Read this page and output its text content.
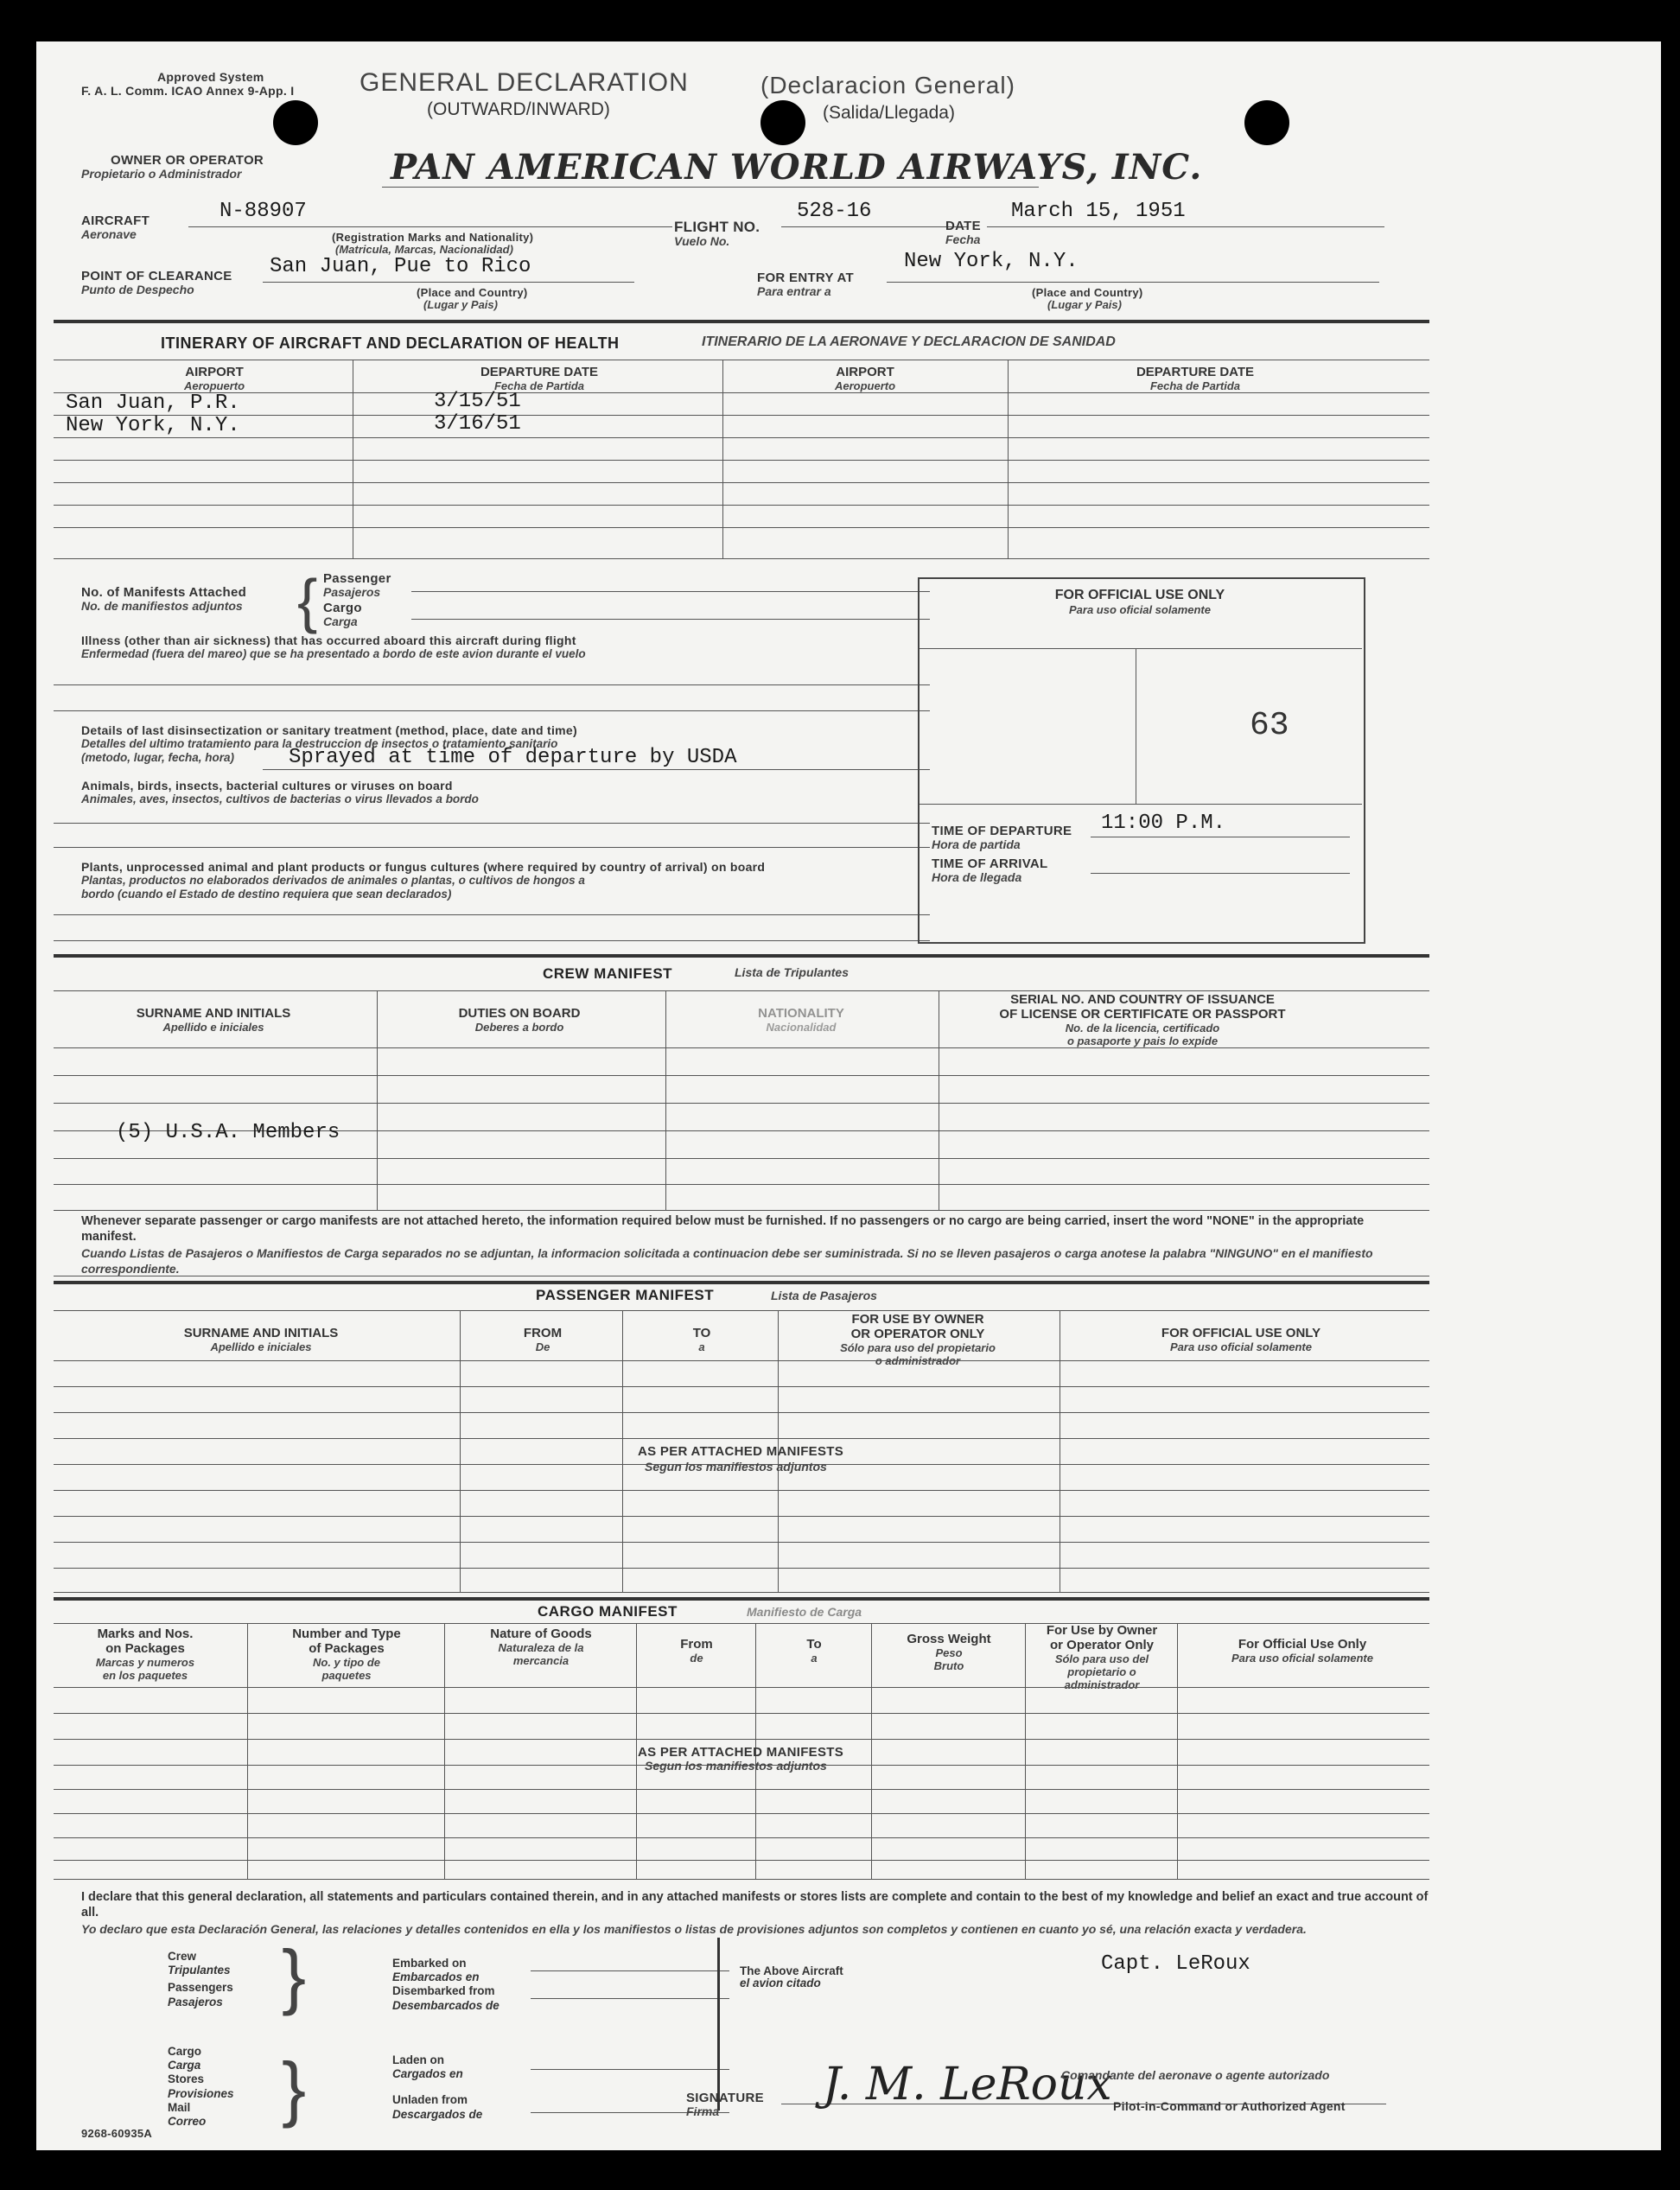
Approved System
F. A. L. Comm. ICAO Annex 9-App. I	GENERAL DECLARATION
(OUTWARD/INWARD)
(Declaracion General)
(Salida/Llegada)
OWNER OR OPERATOR
Propietario o Administrador	PAN AMERICAN WORLD AIRWAYS, INC.
AIRCRAFT
Aeronave
N-88907
(Registration Marks and Nationality)
(Matricula, Marcas, Nacionalidad)
FLIGHT NO.
Vuelo No.
528-16
DATE
Fecha
March 15, 1951
POINT OF CLEARANCE
Punto de Despecho
San Juan, Pue to Rico
(Place and Country)
(Lugar y Pais)
FOR ENTRY AT
Para entrar a
New York, N.Y.
(Place and Country)
(Lugar y Pais)
ITINERARY OF AIRCRAFT AND DECLARATION OF HEALTH	ITINERARIO DE LA AERONAVE Y DECLARACION DE SANIDAD
AIRPORT
Aeropuerto
DEPARTURE DATE
Fecha de Partida
AIRPORT
Aeropuerto
DEPARTURE DATE
Fecha de Partida
San Juan, P.R.	3/15/51
New York, N.Y.	3/16/51
No. of Manifests Attached
No. de manifiestos adjuntos { Passenger
Pasajeros
Cargo
Carga
Illness (other than air sickness) that has occurred aboard this aircraft during flight
Enfermedad (fuera del mareo) que se ha presentado a bordo de este avion durante el vuelo
Details of last disinsectization or sanitary treatment (method, place, date and time)
Detalles del ultimo tratamiento para la destruccion de insectos o tratamiento sanitario
(metodo, lugar, fecha, hora)	Sprayed at time of departure by USDA
Animals, birds, insects, bacterial cultures or viruses on board
Animales, aves, insectos, cultivos de bacterias o virus llevados a bordo
Plants, unprocessed animal and plant products or fungus cultures (where required by country of arrival) on board
Plantas, productos no elaborados derivados de animales o plantas, o cultivos de hongos a
bordo (cuando el Estado de destino requiera que sean declarados)
FOR OFFICIAL USE ONLY
Para uso oficial solamente
63
TIME OF DEPARTURE
Hora de partida
11:00 P.M.
TIME OF ARRIVAL
Hora de llegada
CREW MANIFEST	Lista de Tripulantes
SURNAME AND INITIALS
Apellido e iniciales
DUTIES ON BOARD
Deberes a bordo
NATIONALITY
Nacionalidad
SERIAL NO. AND COUNTRY OF ISSUANCE
OF LICENSE OR CERTIFICATE OR PASSPORT
No. de la licencia, certificado
o pasaporte y pais lo expide
(5) U.S.A. Members
Whenever separate passenger or cargo manifests are not attached hereto, the information required below must be furnished. If no passengers or no cargo are being carried, insert the word "NONE" in the appropriate manifest.
Cuando Listas de Pasajeros o Manifiestos de Carga separados no se adjuntan, la informacion solicitada a continuacion debe ser suministrada. Si no se lleven pasajeros o carga anotese la palabra "NINGUNO" en el manifiesto correspondiente.
PASSENGER MANIFEST	Lista de Pasajeros
SURNAME AND INITIALS
Apellido e iniciales
FROM
De
TO
a
FOR USE BY OWNER
OR OPERATOR ONLY
Sólo para uso del propietario
o administrador
FOR OFFICIAL USE ONLY
Para uso oficial solamente
AS PER ATTACHED MANIFESTS
Segun los manifiestos adjuntos
CARGO MANIFEST	Manifiesto de Carga
Marks and Nos.
on Packages
Marcas y numeros
en los paquetes
Number and Type
of Packages
No. y tipo de
paquetes
Nature of Goods
Naturaleza de la
mercancia
From
de
To
a
Gross Weight
Peso
Bruto
For Use by Owner
or Operator Only
Sólo para uso del
propietario o
administrador
For Official Use Only
Para uso oficial solamente
AS PER ATTACHED MANIFESTS
Segun los manifiestos adjuntos
I declare that this general declaration, all statements and particulars contained therein, and in any attached manifests or stores lists are complete and contain to the best of my knowledge and belief an exact and true account of all.
Yo declaro que esta Declaración General, las relaciones y detalles contenidos en ella y los manifiestos o listas de provisiones adjuntos son completos y contienen en cuanto yo sé, una relación exacta y verdadera.
Crew
Tripulantes
Passengers
Pasajeros }	Embarked on
Embarcados en
Disembarked from
Desembarcados de
Cargo
Carga
Stores
Provisiones
Mail
Correo	}	Laden on
Cargados en
Unladen from
Descargados de
The Above Aircraft
el avion citado
Capt. LeRoux
SIGNATURE
Firma
J. M. LeRoux
Comandante del aeronave o agente autorizado
Pilot-in-Command or Authorized Agent
9268-60935A
